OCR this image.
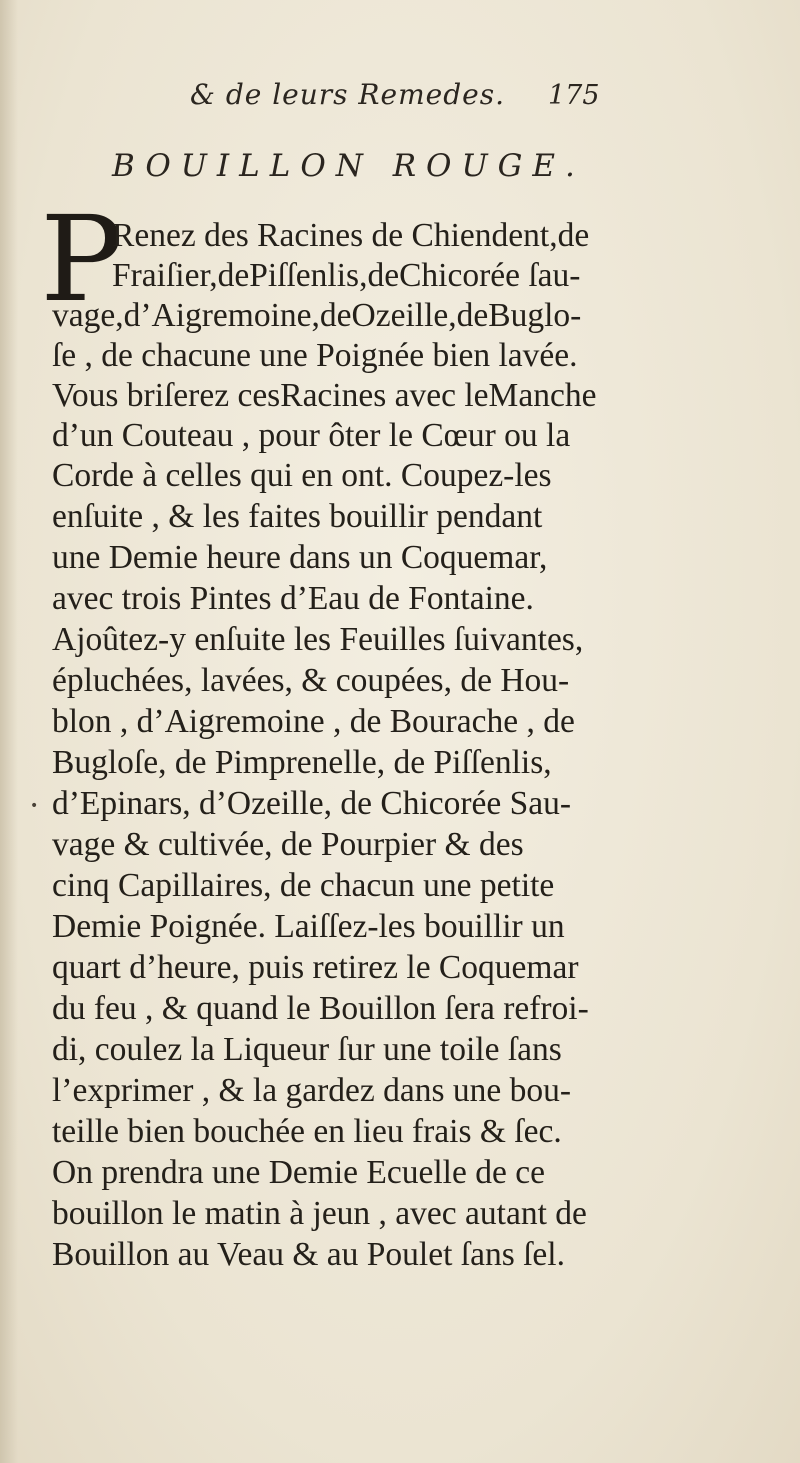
& de leurs Remedes. 175
BOUILLON ROUGE.
P
•
Renez des Racines de Chiendent,de
Fraiſier,dePiſſenlis,deChicorée ſau-
vage,d’Aigremoine,deOzeille,deBuglo-
ſe , de chacune une Poignée bien lavée.
Vous briſerez cesRacines avec leManche
d’un Couteau , pour ôter le Cœur ou la
Corde à celles qui en ont. Coupez-les
enſuite , & les faites bouillir pendant
une Demie heure dans un Coquemar,
avec trois Pintes d’Eau de Fontaine.
Ajoûtez-y enſuite les Feuilles ſuivantes,
épluchées, lavées, & coupées, de Hou-
blon , d’Aigremoine , de Bourache , de
Bugloſe, de Pimprenelle, de Piſſenlis,
d’Epinars, d’Ozeille, de Chicorée Sau-
vage & cultivée, de Pourpier & des
cinq Capillaires, de chacun une petite
Demie Poignée. Laiſſez-les bouillir un
quart d’heure, puis retirez le Coquemar
du feu , & quand le Bouillon ſera refroi-
di, coulez la Liqueur ſur une toile ſans
l’exprimer , & la gardez dans une bou-
teille bien bouchée en lieu frais & ſec.
On prendra une Demie Ecuelle de ce
bouillon le matin à jeun , avec autant de
Bouillon au Veau & au Poulet ſans ſel.
